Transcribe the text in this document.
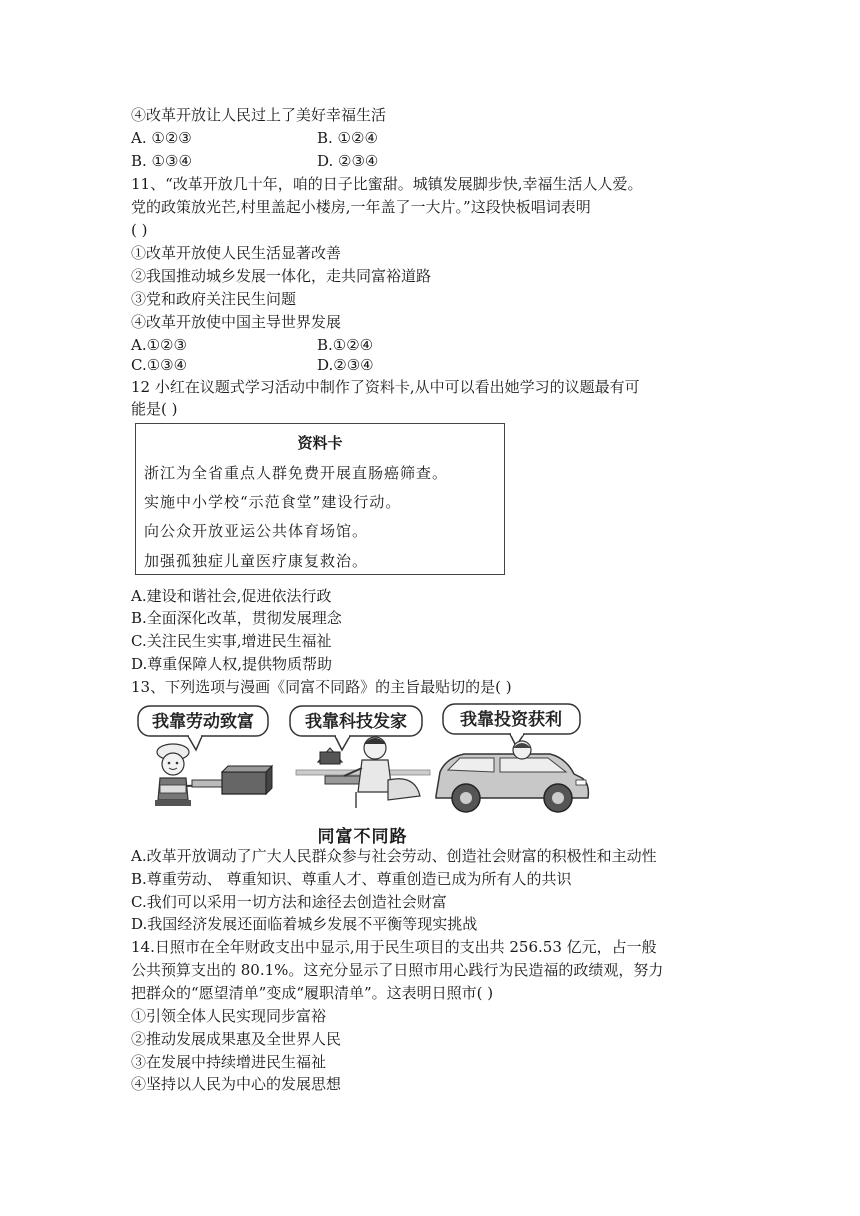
④改革开放让人民过上了美好幸福生活
A. ①②③	B. ①②④
B. ①③④	D. ②③④
11、“改革开放几十年，咱的日子比蜜甜。城镇发展脚步快,幸福生活人人爱。
党的政策放光芒,村里盖起小楼房,一年盖了一大片。”这段快板唱词表明
( )
①改革开放使人民生活显著改善
②我国推动城乡发展一体化，走共同富裕道路
③党和政府关注民生问题
④改革开放使中国主导世界发展
A.①②③	B.①②④
C.①③④	D.②③④
12 小红在议题式学习活动中制作了资料卡,从中可以看出她学习的议题最有可
能是( )
资料卡
浙江为全省重点人群免费开展直肠癌筛查。
实施中小学校“示范食堂”建设行动。
向公众开放亚运公共体育场馆。
加强孤独症儿童医疗康复救治。
A.建设和谐社会,促进依法行政
B.全面深化改革，贯彻发展理念
C.关注民生实事,增进民生福祉
D.尊重保障人权,提供物质帮助
13、下列选项与漫画《同富不同路》的主旨最贴切的是( )
我靠劳动致富	我靠科技发家	我靠投资获利
同富不同路
A.改革开放调动了广大人民群众参与社会劳动、创造社会财富的积极性和主动性
B.尊重劳动、 尊重知识、尊重人才、尊重创造已成为所有人的共识
C.我们可以采用一切方法和途径去创造社会财富
D.我国经济发展还面临着城乡发展不平衡等现实挑战
14.日照市在全年财政支出中显示,用于民生项目的支出共 256.53 亿元，占一般
公共预算支出的 80.1%。这充分显示了日照市用心践行为民造福的政绩观，努力
把群众的“愿望清单”变成“履职清单”。这表明日照市( )
①引领全体人民实现同步富裕
②推动发展成果惠及全世界人民
③在发展中持续增进民生福祉
④坚持以人民为中心的发展思想
